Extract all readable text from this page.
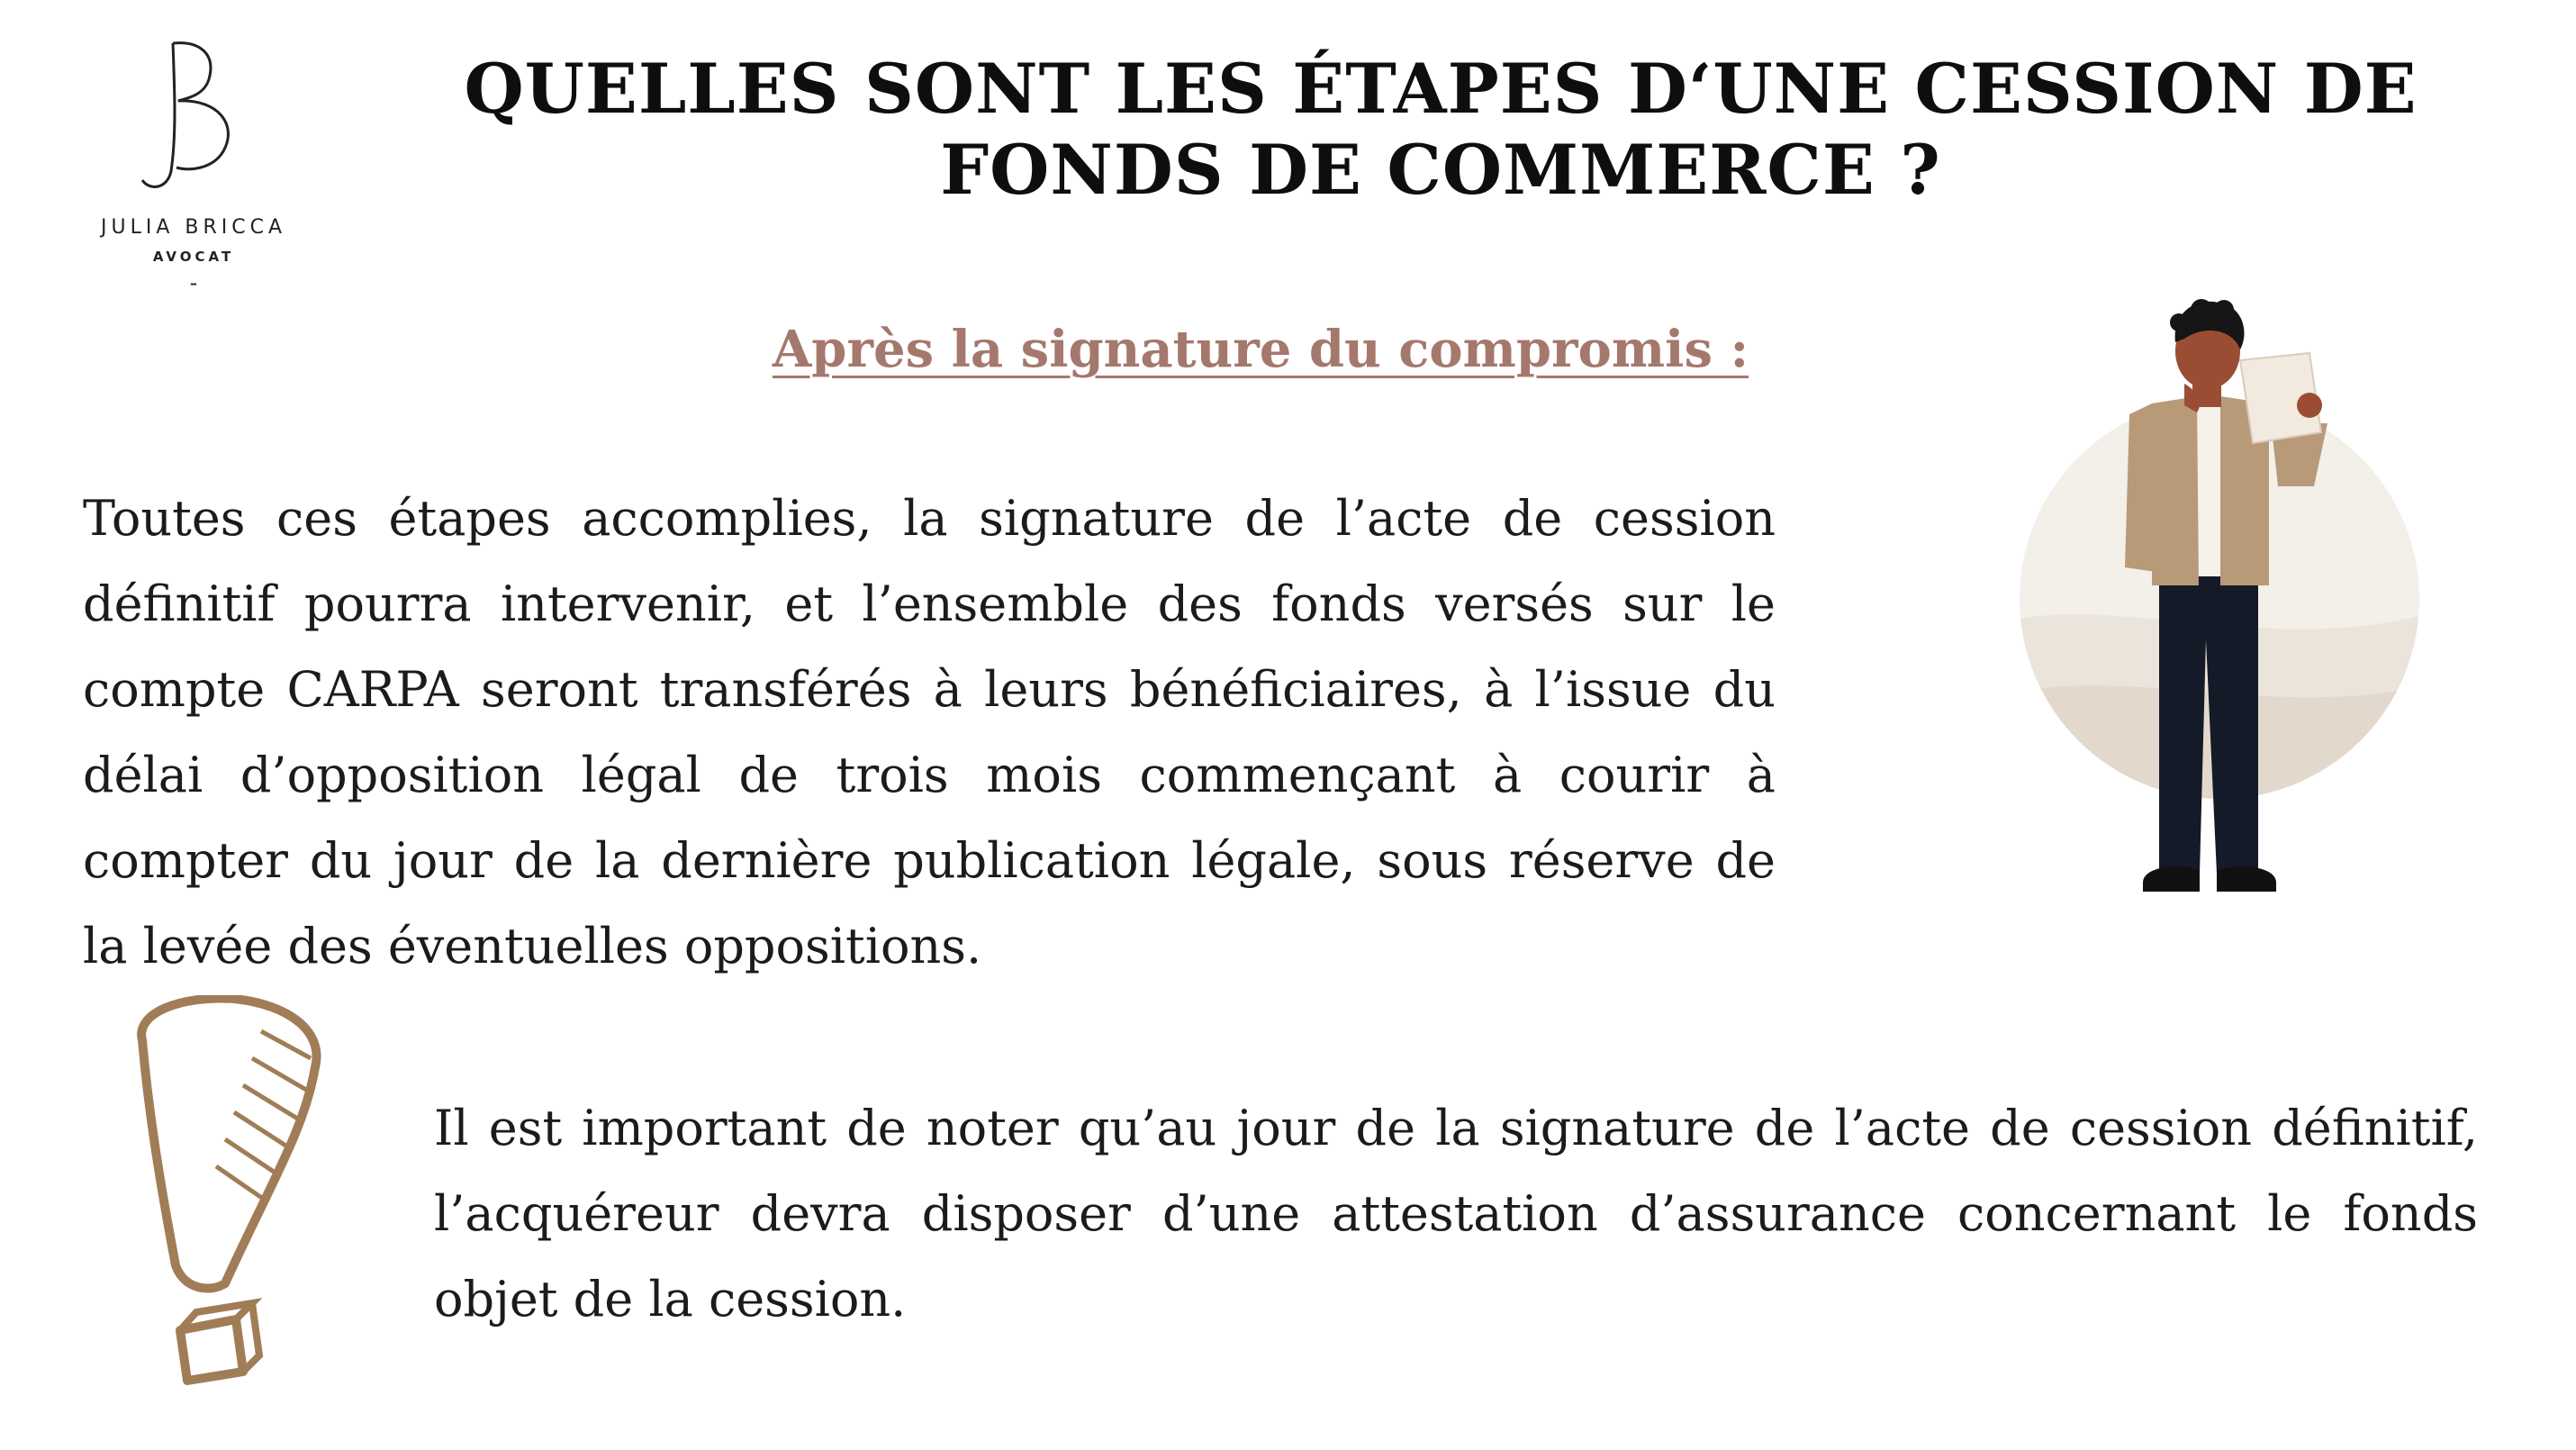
JULIA BRICCA
AVOCAT
-
QUELLES SONT LES ÉTAPES D‘UNE CESSION DE FONDS DE COMMERCE ?
Après la signature du compromis :

Toutes ces étapes accomplies, la signature de l’acte de cession définitif pourra intervenir, et l’ensemble des fonds versés sur le compte CARPA seront transférés à leurs bénéficiaires, à l’issue du délai d’opposition légal de trois mois commençant à courir à compter du jour de la dernière publication légale, sous réserve de la levée des éventuelles oppositions.

Il est important de noter qu’au jour de la signature de l’acte de cession définitif, l’acquéreur devra disposer d’une attestation d’assurance concernant le fonds objet de la cession.
